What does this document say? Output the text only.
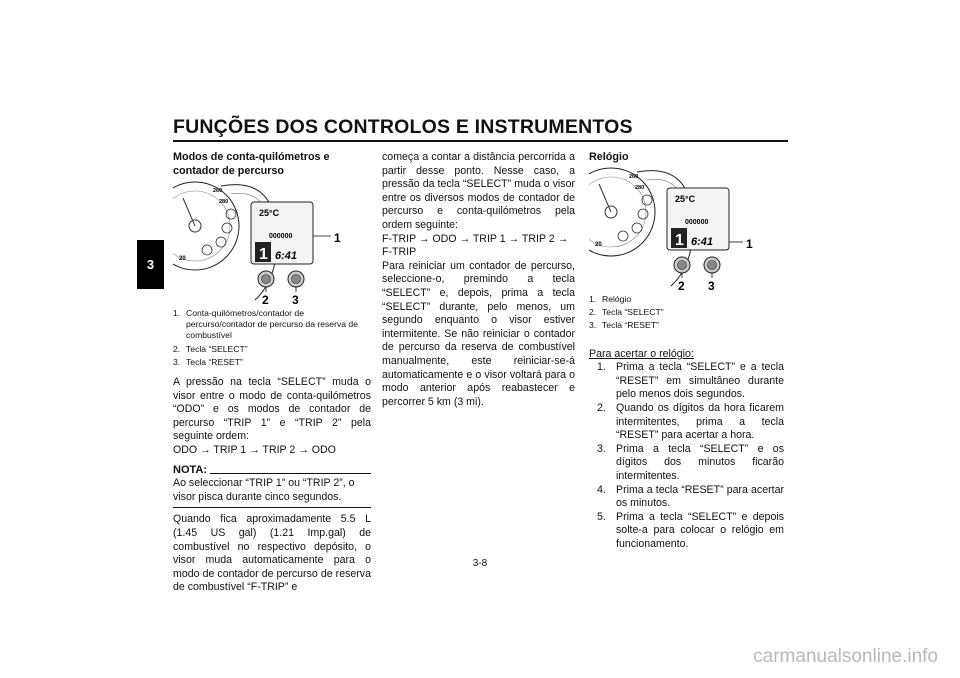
FUNÇÕES DOS CONTROLOS E INSTRUMENTOS
3
Modos de conta-quilómetros e contador de percurso
260
280
20
25°C
000000
1 6:41
1
2 3
1. Conta-quilómetros/contador de percurso/contador de percurso da reserva de combustível
2. Tecla “SELECT”
3. Tecla “RESET”

A pressão na tecla “SELECT” muda o visor entre o modo de conta-quilómetros “ODO” e os modos de contador de percurso “TRIP 1” e “TRIP 2” pela seguinte ordem:

ODO → TRIP 1 → TRIP 2 → ODO

NOTA:

Ao seleccionar “TRIP 1” ou “TRIP 2”, o visor pisca durante cinco segundos.

Quando fica aproximadamente 5.5 L (1.45 US gal) (1.21 Imp.gal) de combustível no respectivo depósito, o visor muda automaticamente para o modo de contador de percurso de reserva de combustível “F-TRIP” e

começa a contar a distância percorrida a partir desse ponto. Nesse caso, a pressão da tecla “SELECT” muda o visor entre os diversos modos de contador de percurso e conta-quilómetros pela ordem seguinte:

F-TRIP → ODO → TRIP 1 → TRIP 2 → F-TRIP

Para reiniciar um contador de percurso, seleccione-o, premindo a tecla “SELECT” e, depois, prima a tecla “SELECT” durante, pelo menos, um segundo enquanto o visor estiver intermitente. Se não reiniciar o contador de percurso da reserva de combustível manualmente, este reiniciar-se-á automaticamente e o visor voltará para o modo anterior após reabastecer e percorrer 5 km (3 mi).

Relógio
260
280
20
25°C
000000
1 6:41	1
2 3
1. Relógio
2. Tecla “SELECT”
3. Tecla “RESET”
Para acertar o relógio:
1. Prima a tecla “SELECT” e a tecla “RESET” em simultâneo durante pelo menos dois segundos.
2. Quando os dígitos da hora ficarem intermitentes, prima a tecla “RESET” para acertar a hora.
3. Prima a tecla “SELECT” e os dígitos dos minutos ficarão intermitentes.
4. Prima a tecla “RESET” para acertar os minutos.
5. Prima a tecla “SELECT” e depois solte-a para colocar o relógio em funcionamento.
3-8
carmanualsonline.info
